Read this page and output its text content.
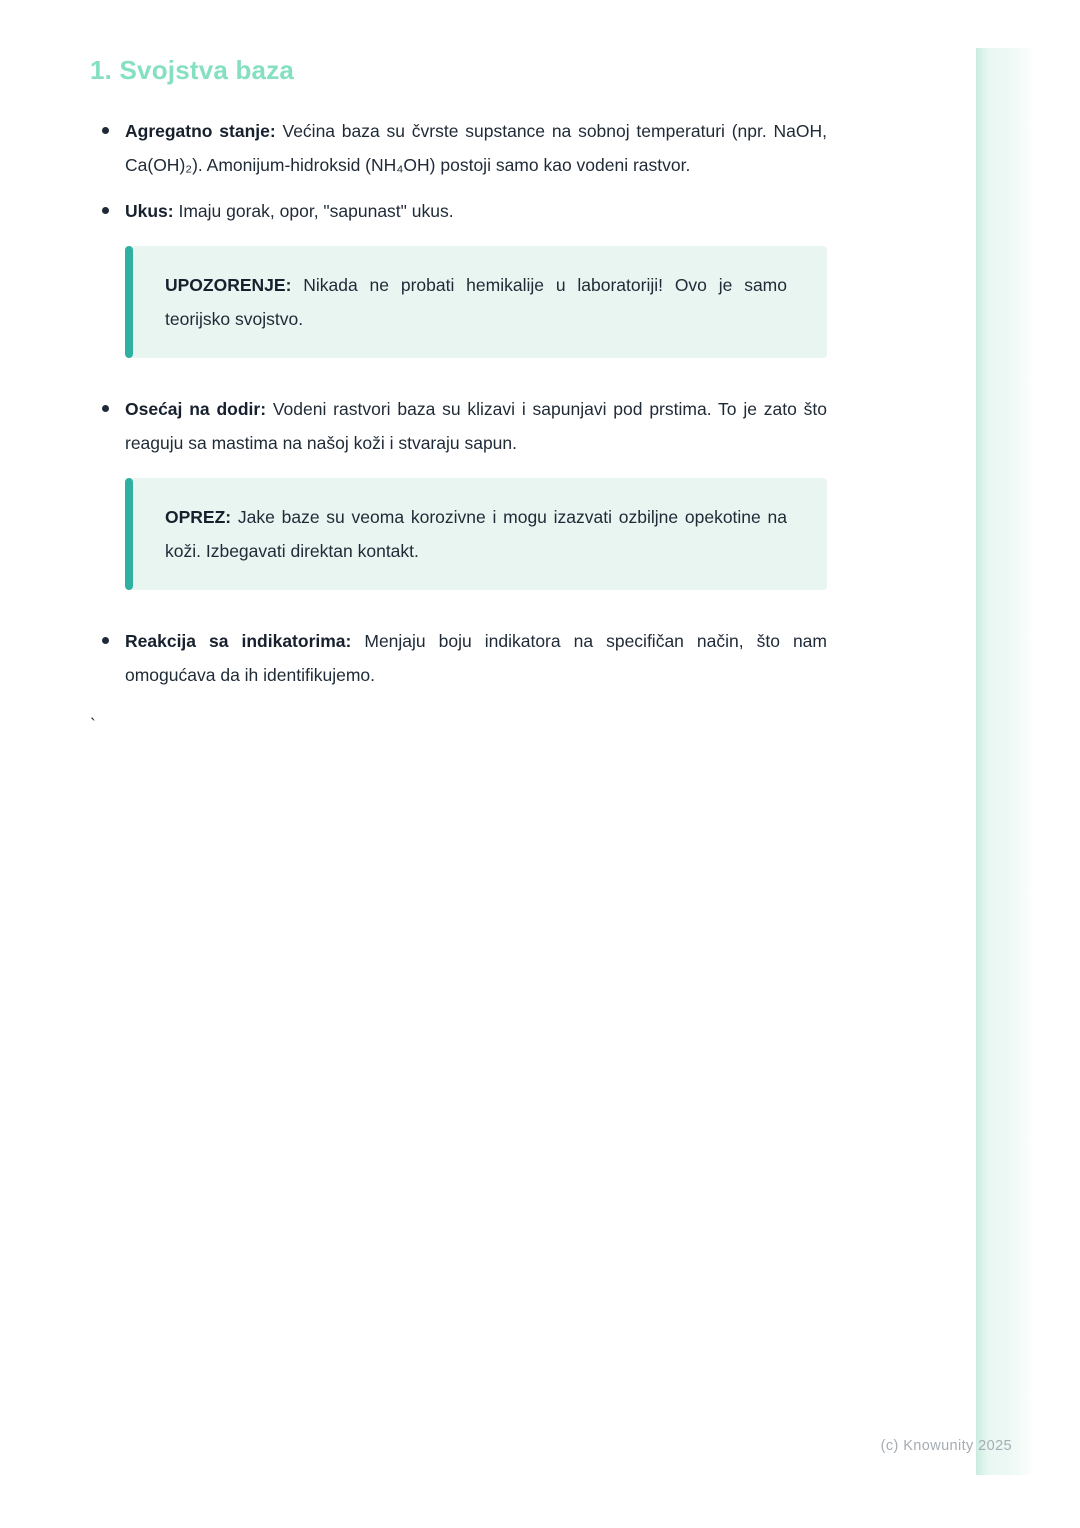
1. Svojstva baza

Agregatno stanje: Većina baza su čvrste supstance na sobnoj temperaturi (npr. NaOH, Ca(OH)₂). Amonijum-hidroksid (NH₄OH) postoji samo kao vodeni rastvor.

Ukus: Imaju gorak, opor, "sapunast" ukus.

UPOZORENJE: Nikada ne probati hemikalije u laboratoriji! Ovo je samo teorijsko svojstvo.

Osećaj na dodir: Vodeni rastvori baza su klizavi i sapunjavi pod prstima. To je zato što reaguju sa mastima na našoj koži i stvaraju sapun.

OPREZ: Jake baze su veoma korozivne i mogu izazvati ozbiljne opekotine na koži. Izbegavati direktan kontakt.

Reakcija sa indikatorima: Menjaju boju indikatora na specifičan način, što nam omogućava da ih identifikujemo.

`
(c) Knowunity 2025
